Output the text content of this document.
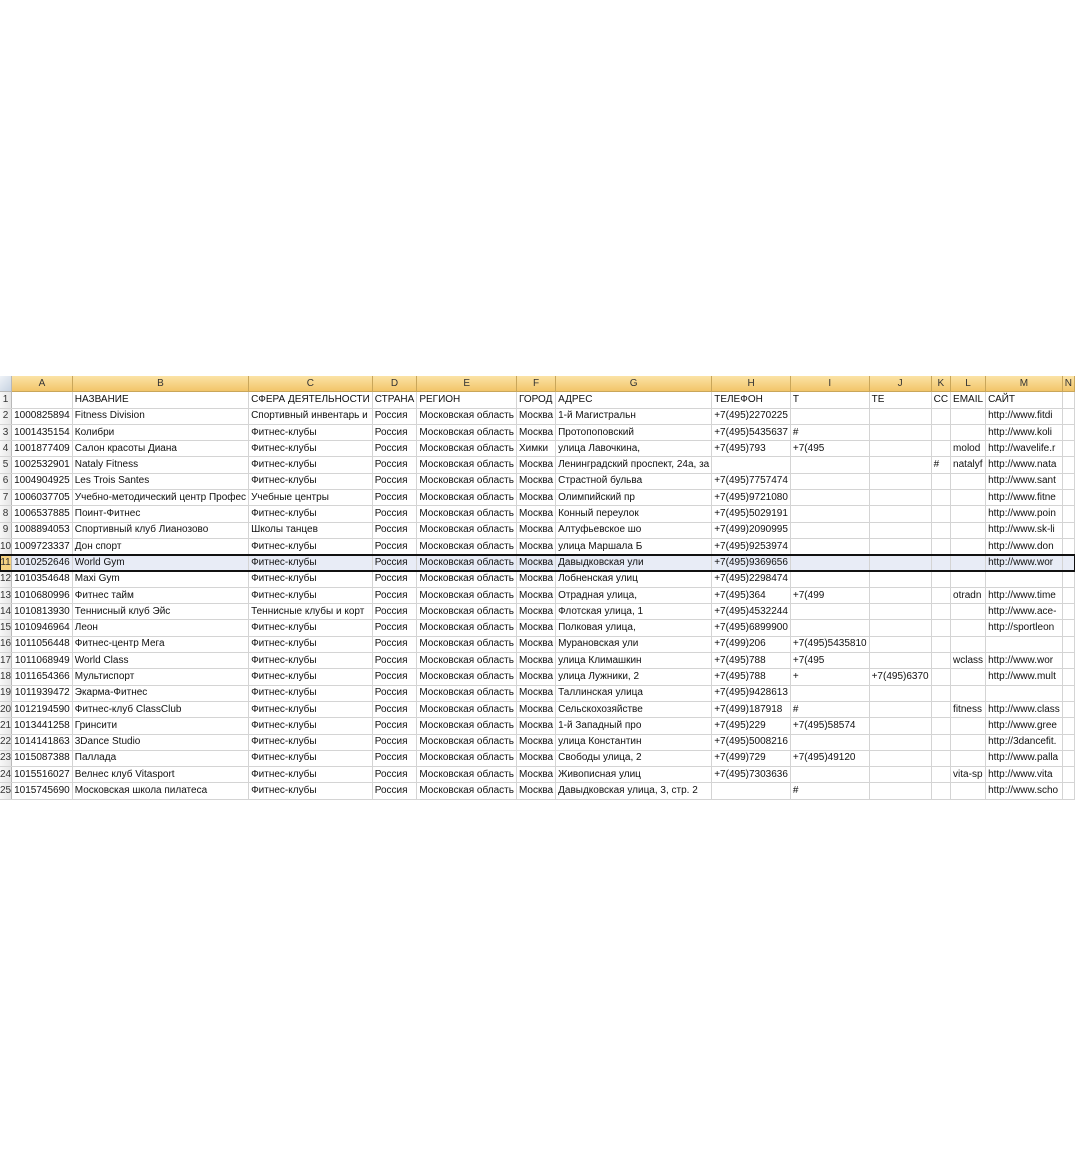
	A	B	C	D	E	F	G	H	I	J	K	L	M	N
1		НАЗВАНИЕ	СФЕРА ДЕЯТЕЛЬНОСТИ	СТРАНА	РЕГИОН	ГОРОД	АДРЕС	ТЕЛЕФОН	Т	ТЕ	CC	EMAIL	САЙТ	
2	1000825894	Fitness Division	Спортивный инвентарь и	Россия	Московская область	Москва	1-й Магистральн	+7(495)2270225					http://www.fitdi	
3	1001435154	Колибри	Фитнес-клубы	Россия	Московская область	Москва	Протопоповский	+7(495)5435637	#				http://www.koli	
4	1001877409	Салон красоты Диана	Фитнес-клубы	Россия	Московская область	Химки	улица Лавочкина,	+7(495)793	+7(495			molod	http://wavelife.r	
5	1002532901	Nataly Fitness	Фитнес-клубы	Россия	Московская область	Москва	Ленинградский проспект, 24а, за				#	natalyf	http://www.nata	
6	1004904925	Les Trois Santes	Фитнес-клубы	Россия	Московская область	Москва	Страстной бульва	+7(495)7757474					http://www.sant	
7	1006037705	Учебно-методический центр Профес	Учебные центры	Россия	Московская область	Москва	Олимпийский пр	+7(495)9721080					http://www.fitne	
8	1006537885	Поинт-Фитнес	Фитнес-клубы	Россия	Московская область	Москва	Конный переулок	+7(495)5029191					http://www.poin	
9	1008894053	Спортивный клуб Лианозово	Школы танцев	Россия	Московская область	Москва	Алтуфьевское шо	+7(499)2090995					http://www.sk-li	
10	1009723337	Дон спорт	Фитнес-клубы	Россия	Московская область	Москва	улица Маршала Б	+7(495)9253974					http://www.don	
11	1010252646	World Gym	Фитнес-клубы	Россия	Московская область	Москва	Давыдковская ули	+7(495)9369656					http://www.wor	
12	1010354648	Maxi Gym	Фитнес-клубы	Россия	Московская область	Москва	Лобненская улиц	+7(495)2298474						
13	1010680996	Фитнес тайм	Фитнес-клубы	Россия	Московская область	Москва	Отрадная улица,	+7(495)364	+7(499			otradn	http://www.time	
14	1010813930	Теннисный клуб Эйс	Теннисные клубы и корт	Россия	Московская область	Москва	Флотская улица, 1	+7(495)4532244					http://www.ace-	
15	1010946964	Леон	Фитнес-клубы	Россия	Московская область	Москва	Полковая улица,	+7(495)6899900					http://sportleon	
16	1011056448	Фитнес-центр Мега	Фитнес-клубы	Россия	Московская область	Москва	Мурановская ули	+7(499)206	+7(495)5435810					
17	1011068949	World Class	Фитнес-клубы	Россия	Московская область	Москва	улица Климашкин	+7(495)788	+7(495			wclass	http://www.wor	
18	1011654366	Мультиспорт	Фитнес-клубы	Россия	Московская область	Москва	улица Лужники, 2	+7(495)788	+	+7(495)6370			http://www.mult	
19	1011939472	Экарма-Фитнес	Фитнес-клубы	Россия	Московская область	Москва	Таллинская улица	+7(495)9428613						
20	1012194590	Фитнес-клуб ClassClub	Фитнес-клубы	Россия	Московская область	Москва	Сельскохозяйстве	+7(499)187918	#			fitness	http://www.class	
21	1013441258	Гринсити	Фитнес-клубы	Россия	Московская область	Москва	1-й Западный про	+7(495)229	+7(495)58574				http://www.gree	
22	1014141863	3Dance Studio	Фитнес-клубы	Россия	Московская область	Москва	улица Константин	+7(495)5008216					http://3dancefit.	
23	1015087388	Паллада	Фитнес-клубы	Россия	Московская область	Москва	Свободы улица, 2	+7(499)729	+7(495)49120				http://www.palla	
24	1015516027	Велнес клуб Vitasport	Фитнес-клубы	Россия	Московская область	Москва	Живописная улиц	+7(495)7303636				vita-sp	http://www.vita	
25	1015745690	Московская школа пилатеса	Фитнес-клубы	Россия	Московская область	Москва	Давыдковская улица, 3, стр. 2		#				http://www.scho	
